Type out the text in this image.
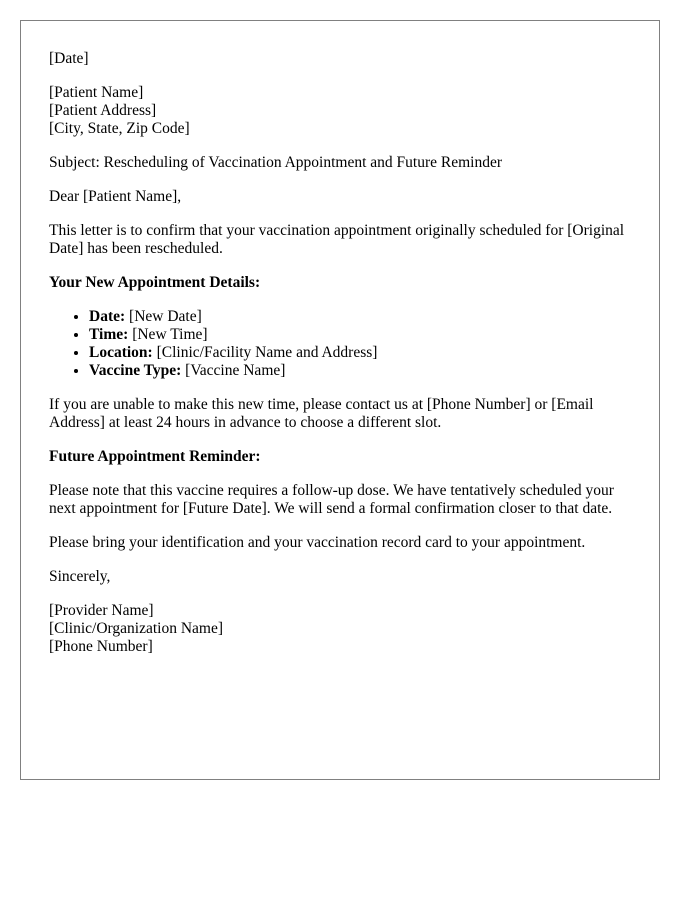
[Date]

[Patient Name]
[Patient Address]
[City, State, Zip Code]

Subject: Rescheduling of Vaccination Appointment and Future Reminder

Dear [Patient Name],

This letter is to confirm that your vaccination appointment originally scheduled for [Original Date] has been rescheduled.

Your New Appointment Details:

• Date: [New Date]
• Time: [New Time]
• Location: [Clinic/Facility Name and Address]
• Vaccine Type: [Vaccine Name]

If you are unable to make this new time, please contact us at [Phone Number] or [Email Address] at least 24 hours in advance to choose a different slot.

Future Appointment Reminder:

Please note that this vaccine requires a follow-up dose. We have tentatively scheduled your next appointment for [Future Date]. We will send a formal confirmation closer to that date.

Please bring your identification and your vaccination record card to your appointment.

Sincerely,

[Provider Name]
[Clinic/Organization Name]
[Phone Number]
